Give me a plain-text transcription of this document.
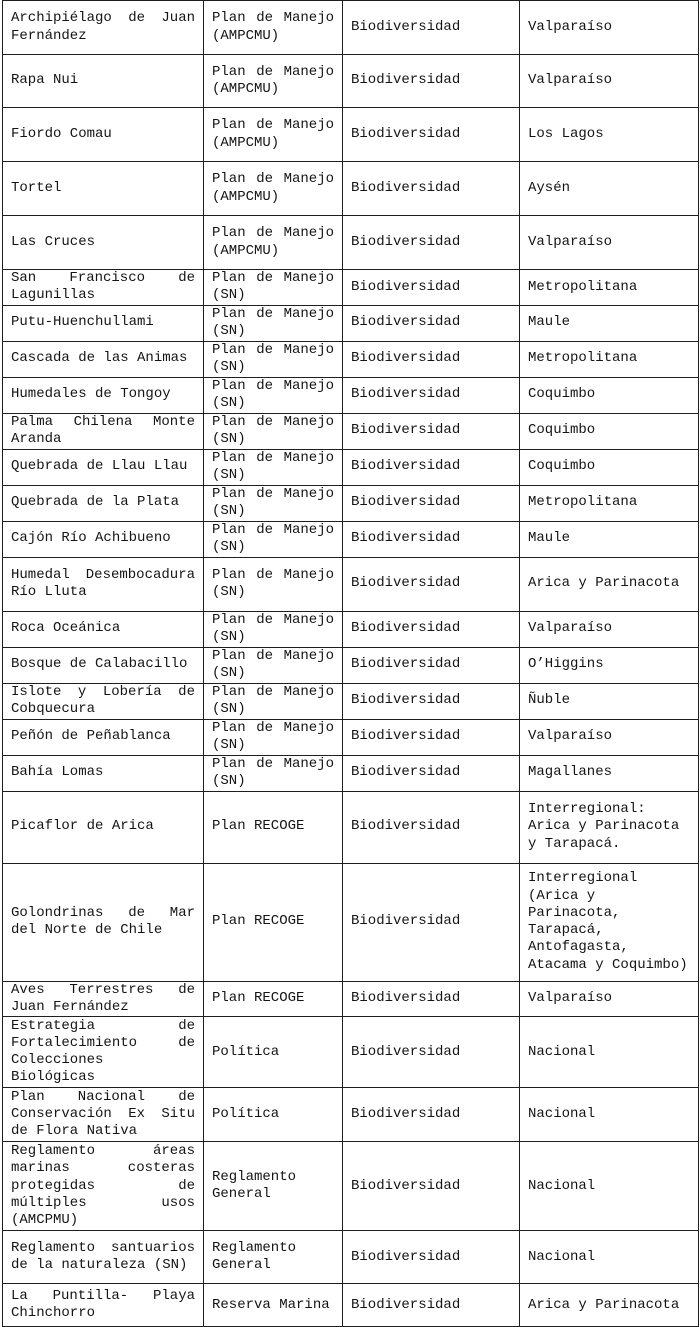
Archipiélago de Juan Fernández	Plan de Manejo (AMPCMU)	Biodiversidad	Valparaíso
Rapa Nui	Plan de Manejo (AMPCMU)	Biodiversidad	Valparaíso
Fiordo Comau	Plan de Manejo (AMPCMU)	Biodiversidad	Los Lagos
Tortel	Plan de Manejo (AMPCMU)	Biodiversidad	Aysén
Las Cruces	Plan de Manejo (AMPCMU)	Biodiversidad	Valparaíso
San Francisco de Lagunillas	Plan de Manejo (SN)	Biodiversidad	Metropolitana
Putu-Huenchullami	Plan de Manejo (SN)	Biodiversidad	Maule
Cascada de las Animas	Plan de Manejo (SN)	Biodiversidad	Metropolitana
Humedales de Tongoy	Plan de Manejo (SN)	Biodiversidad	Coquimbo
Palma Chilena Monte Aranda	Plan de Manejo (SN)	Biodiversidad	Coquimbo
Quebrada de Llau Llau	Plan de Manejo (SN)	Biodiversidad	Coquimbo
Quebrada de la Plata	Plan de Manejo (SN)	Biodiversidad	Metropolitana
Cajón Río Achibueno	Plan de Manejo (SN)	Biodiversidad	Maule
Humedal Desembocadura Río Lluta	Plan de Manejo (SN)	Biodiversidad	Arica y Parinacota
Roca Oceánica	Plan de Manejo (SN)	Biodiversidad	Valparaíso
Bosque de Calabacillo	Plan de Manejo (SN)	Biodiversidad	O’Higgins
Islote y Lobería de Cobquecura	Plan de Manejo (SN)	Biodiversidad	Ñuble
Peñón de Peñablanca	Plan de Manejo (SN)	Biodiversidad	Valparaíso
Bahía Lomas	Plan de Manejo (SN)	Biodiversidad	Magallanes
Picaflor de Arica	Plan RECOGE	Biodiversidad	Interregional: Arica y Parinacota y Tarapacá.
Golondrinas de Mar del Norte de Chile	Plan RECOGE	Biodiversidad	Interregional (Arica y Parinacota, Tarapacá, Antofagasta, Atacama y Coquimbo)
Aves Terrestres de Juan Fernández	Plan RECOGE	Biodiversidad	Valparaíso
Estrategia de Fortalecimiento de Colecciones Biológicas	Política	Biodiversidad	Nacional
Plan Nacional de Conservación Ex Situ de Flora Nativa	Política	Biodiversidad	Nacional
Reglamento áreas marinas costeras protegidas de múltiples usos (AMCPMU)	Reglamento General	Biodiversidad	Nacional
Reglamento santuarios de la naturaleza (SN)	Reglamento General	Biodiversidad	Nacional
La Puntilla- Playa Chinchorro	Reserva Marina	Biodiversidad	Arica y Parinacota
